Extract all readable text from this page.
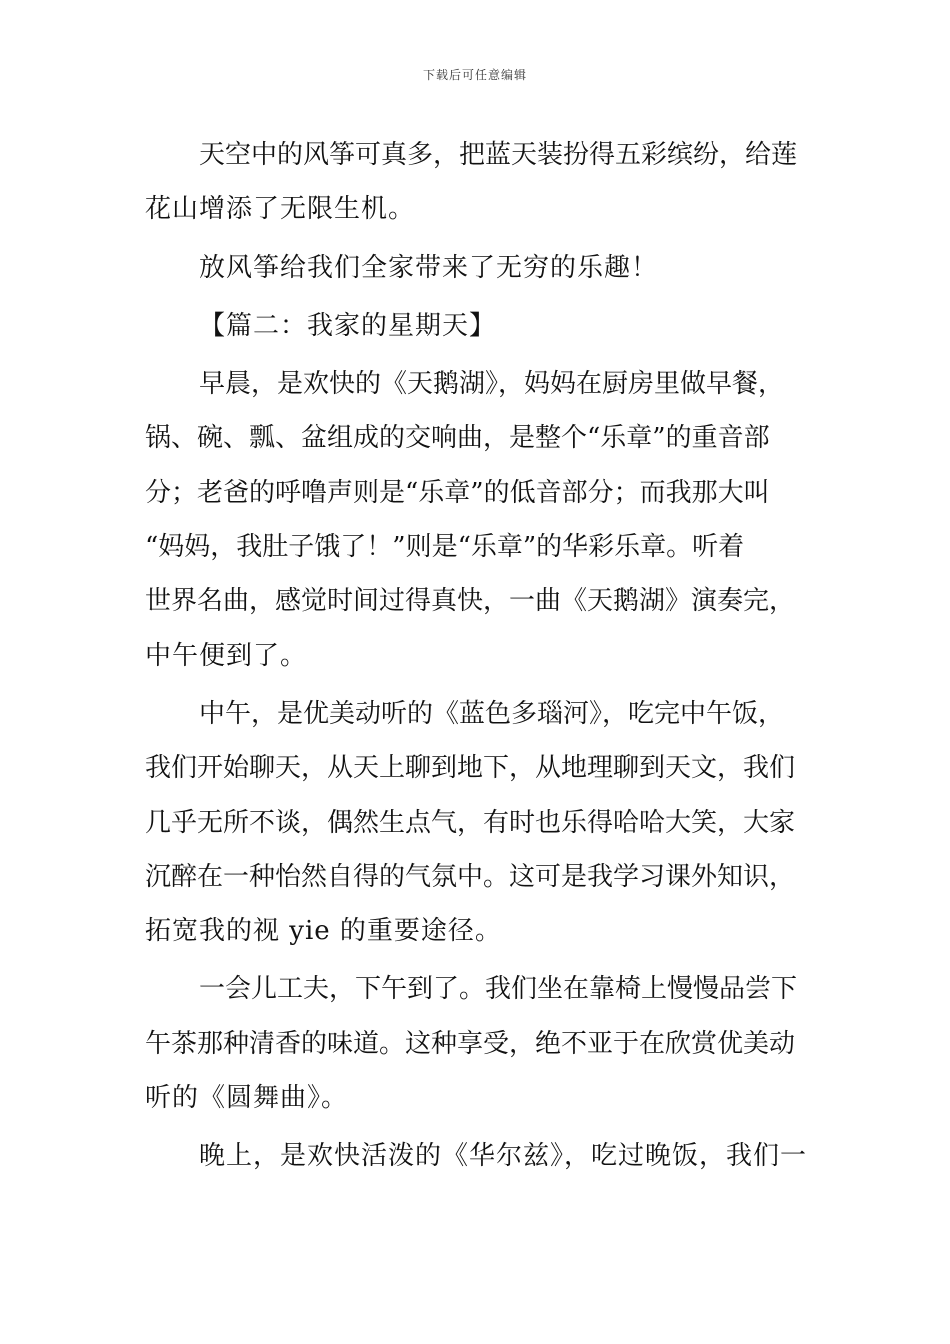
下载后可任意编辑

天空中的风筝可真多，把蓝天装扮得五彩缤纷，给莲
花山增添了无限生机。

放风筝给我们全家带来了无穷的乐趣！

【篇二：我家的星期天】

早晨，是欢快的《天鹅湖》，妈妈在厨房里做早餐，
锅、碗、瓢、盆组成的交响曲，是整个“乐章”的重音部
分；老爸的呼噜声则是“乐章”的低音部分；而我那大叫
“妈妈，我肚子饿了！”则是“乐章”的华彩乐章。听着
世界名曲，感觉时间过得真快，一曲《天鹅湖》演奏完，
中午便到了。

中午，是优美动听的《蓝色多瑙河》，吃完中午饭，
我们开始聊天，从天上聊到地下，从地理聊到天文，我们
几乎无所不谈，偶然生点气，有时也乐得哈哈大笑，大家
沉醉在一种怡然自得的气氛中。这可是我学习课外知识，
拓宽我的视 yie 的重要途径。

一会儿工夫，下午到了。我们坐在靠椅上慢慢品尝下
午茶那种清香的味道。这种享受，绝不亚于在欣赏优美动
听的《圆舞曲》。

晚上，是欢快活泼的《华尔兹》，吃过晚饭，我们一
